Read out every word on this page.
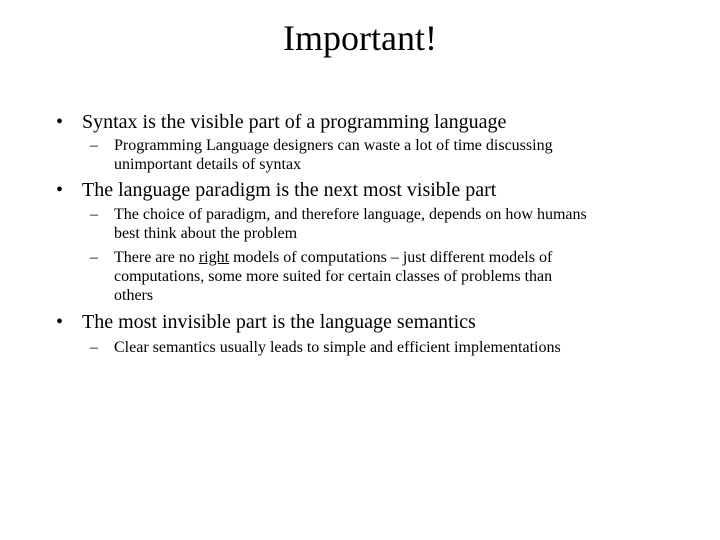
Important!
• Syntax is the visible part of a programming language
– Programming Language designers can waste a lot of time discussing
unimportant details of syntax
• The language paradigm is the next most visible part
– The choice of paradigm, and therefore language, depends on how humans
best think about the problem
– There are no right models of computations – just different models of
computations, some more suited for certain classes of problems than
others
• The most invisible part is the language semantics
– Clear semantics usually leads to simple and efficient implementations
